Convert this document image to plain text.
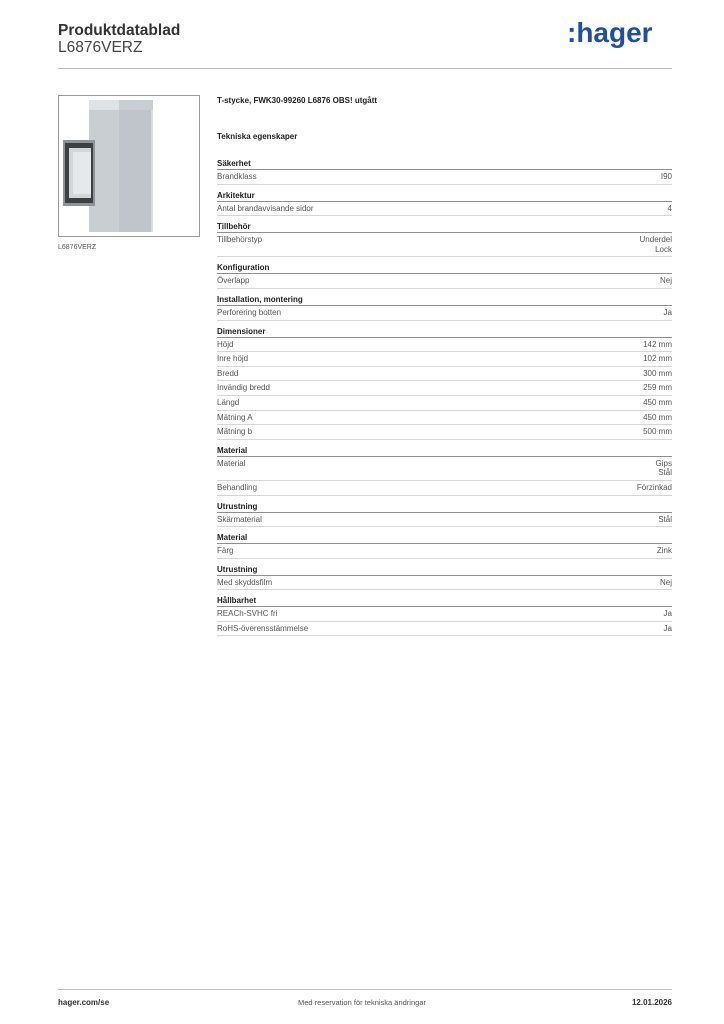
Produktdatablad
L6876VERZ	:hager
L6876VERZ
T-stycke, FWK30-99260 L6876 OBS! utgått
Tekniska egenskaper
Säkerhet
Brandklass	I90
Arkitektur
Antal brandavvisande sidor	4
Tillbehör
Tillbehörstyp	Underdel
Lock
Konfiguration
Överlapp	Nej
Installation, montering
Perforering botten	Ja
Dimensioner
Höjd	142 mm
Inre höjd	102 mm
Bredd	300 mm
Invändig bredd	259 mm
Längd	450 mm
Mätning A	450 mm
Mätning b	500 mm
Material
Material	Gips
Stål
Behandling	Förzinkad
Utrustning
Skärmaterial	Stål
Material
Färg	Zink
Utrustning
Med skyddsfilm	Nej
Hållbarhet
REACh-SVHC fri	Ja
RoHS-överensstämmelse	Ja
hager.com/se	Med reservation för tekniska ändringar	12.01.2026
